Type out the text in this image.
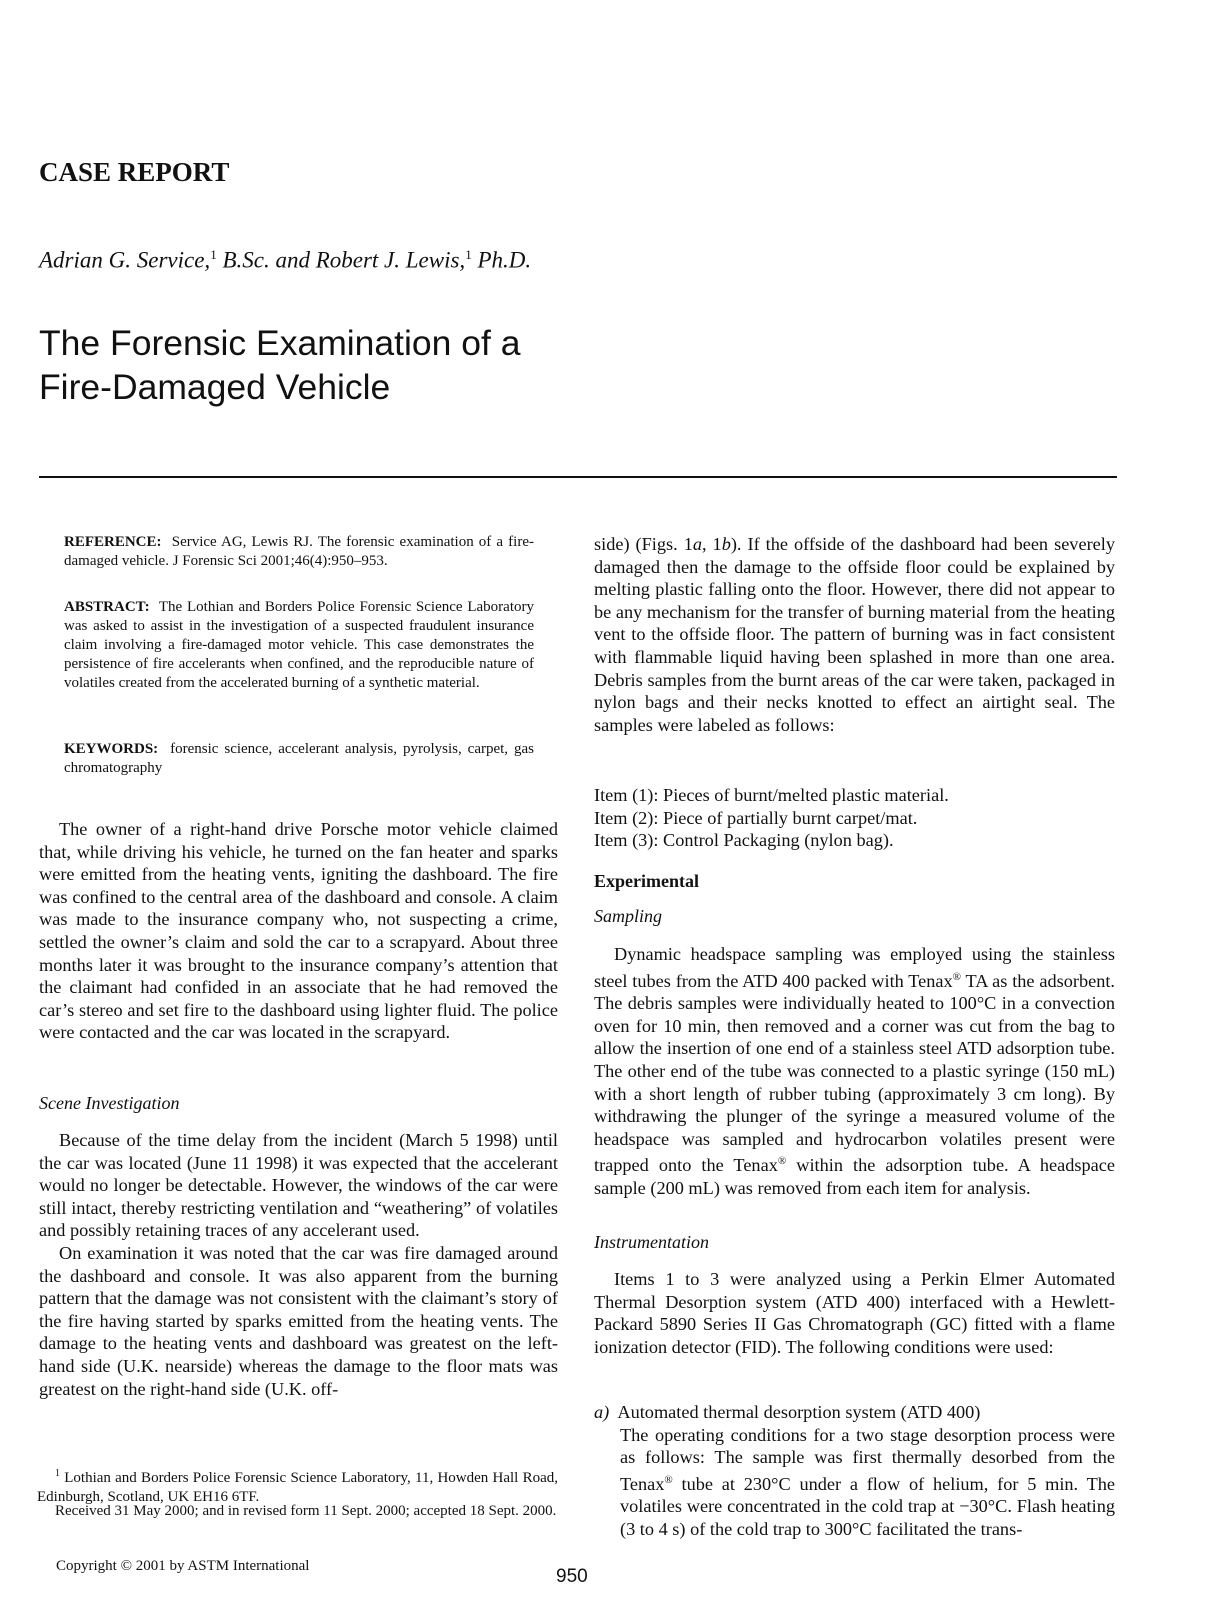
CASE REPORT
Adrian G. Service,$^1$ B.Sc. and Robert J. Lewis,$^1$ Ph.D.
The Forensic Examination of a
Fire-Damaged Vehicle
REFERENCE: Service AG, Lewis RJ. The forensic examination of a fire-damaged vehicle. J Forensic Sci 2001;46(4):950–953.
ABSTRACT: The Lothian and Borders Police Forensic Science Laboratory was asked to assist in the investigation of a suspected fraudulent insurance claim involving a fire-damaged motor vehicle. This case demonstrates the persistence of fire accelerants when confined, and the reproducible nature of volatiles created from the accelerated burning of a synthetic material.
KEYWORDS: forensic science, accelerant analysis, pyrolysis, carpet, gas chromatography

The owner of a right-hand drive Porsche motor vehicle claimed that, while driving his vehicle, he turned on the fan heater and sparks were emitted from the heating vents, igniting the dashboard. The fire was confined to the central area of the dashboard and console. A claim was made to the insurance company who, not suspecting a crime, settled the owner’s claim and sold the car to a scrapyard. About three months later it was brought to the insurance company’s attention that the claimant had confided in an associate that he had removed the car’s stereo and set fire to the dashboard using lighter fluid. The police were contacted and the car was located in the scrapyard.

Scene Investigation

Because of the time delay from the incident (March 5 1998) until the car was located (June 11 1998) it was expected that the accelerant would no longer be detectable. However, the windows of the car were still intact, thereby restricting ventilation and “weathering” of volatiles and possibly retaining traces of any accelerant used.

On examination it was noted that the car was fire damaged around the dashboard and console. It was also apparent from the burning pattern that the damage was not consistent with the claimant’s story of the fire having started by sparks emitted from the heating vents. The damage to the heating vents and dashboard was greatest on the left-hand side (U.K. nearside) whereas the damage to the floor mats was greatest on the right-hand side (U.K. off-

$^1$ Lothian and Borders Police Forensic Science Laboratory, 11, Howden Hall Road, Edinburgh, Scotland, UK EH16 6TF.
Received 31 May 2000; and in revised form 11 Sept. 2000; accepted 18 Sept. 2000.
Copyright © 2001 by ASTM International	950

side) (Figs. 1a, 1b). If the offside of the dashboard had been severely damaged then the damage to the offside floor could be explained by melting plastic falling onto the floor. However, there did not appear to be any mechanism for the transfer of burning material from the heating vent to the offside floor. The pattern of burning was in fact consistent with flammable liquid having been splashed in more than one area. Debris samples from the burnt areas of the car were taken, packaged in nylon bags and their necks knotted to effect an airtight seal. The samples were labeled as follows:

Item (1): Pieces of burnt/melted plastic material.
Item (2): Piece of partially burnt carpet/mat.
Item (3): Control Packaging (nylon bag).
Experimental
Sampling

Dynamic headspace sampling was employed using the stainless steel tubes from the ATD 400 packed with Tenax® TA as the adsorbent. The debris samples were individually heated to 100°C in a convection oven for 10 min, then removed and a corner was cut from the bag to allow the insertion of one end of a stainless steel ATD adsorption tube. The other end of the tube was connected to a plastic syringe (150 mL) with a short length of rubber tubing (approximately 3 cm long). By withdrawing the plunger of the syringe a measured volume of the headspace was sampled and hydrocarbon volatiles present were trapped onto the Tenax® within the adsorption tube. A headspace sample (200 mL) was removed from each item for analysis.

Instrumentation

Items 1 to 3 were analyzed using a Perkin Elmer Automated Thermal Desorption system (ATD 400) interfaced with a Hewlett-Packard 5890 Series II Gas Chromatograph (GC) fitted with a flame ionization detector (FID). The following conditions were used:

a) Automated thermal desorption system (ATD 400)

The operating conditions for a two stage desorption process were as follows: The sample was first thermally desorbed from the Tenax® tube at 230°C under a flow of helium, for 5 min. The volatiles were concentrated in the cold trap at −30°C. Flash heating (3 to 4 s) of the cold trap to 300°C facilitated the trans-
